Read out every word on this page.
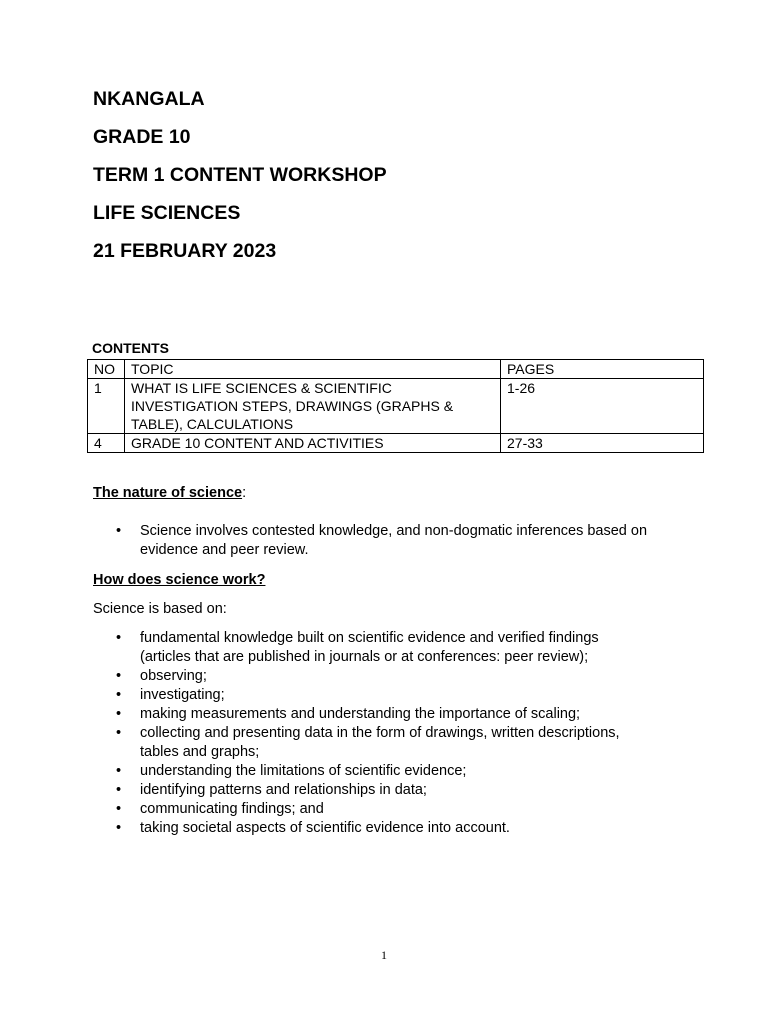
NKANGALA
GRADE 10
TERM 1 CONTENT WORKSHOP
LIFE SCIENCES
21 FEBRUARY 2023
CONTENTS
NO	TOPIC	PAGES
1	WHAT IS LIFE SCIENCES & SCIENTIFIC INVESTIGATION STEPS, DRAWINGS (GRAPHS & TABLE), CALCULATIONS	1-26
4	GRADE 10 CONTENT AND ACTIVITIES	27-33
The nature of science:
• Science involves contested knowledge, and non-dogmatic inferences based on evidence and peer review.
How does science work?
Science is based on:
• fundamental knowledge built on scientific evidence and verified findings (articles that are published in journals or at conferences: peer review);
• observing;
• investigating;
• making measurements and understanding the importance of scaling;
• collecting and presenting data in the form of drawings, written descriptions, tables and graphs;
• understanding the limitations of scientific evidence;
• identifying patterns and relationships in data;
• communicating findings; and
• taking societal aspects of scientific evidence into account.
1
